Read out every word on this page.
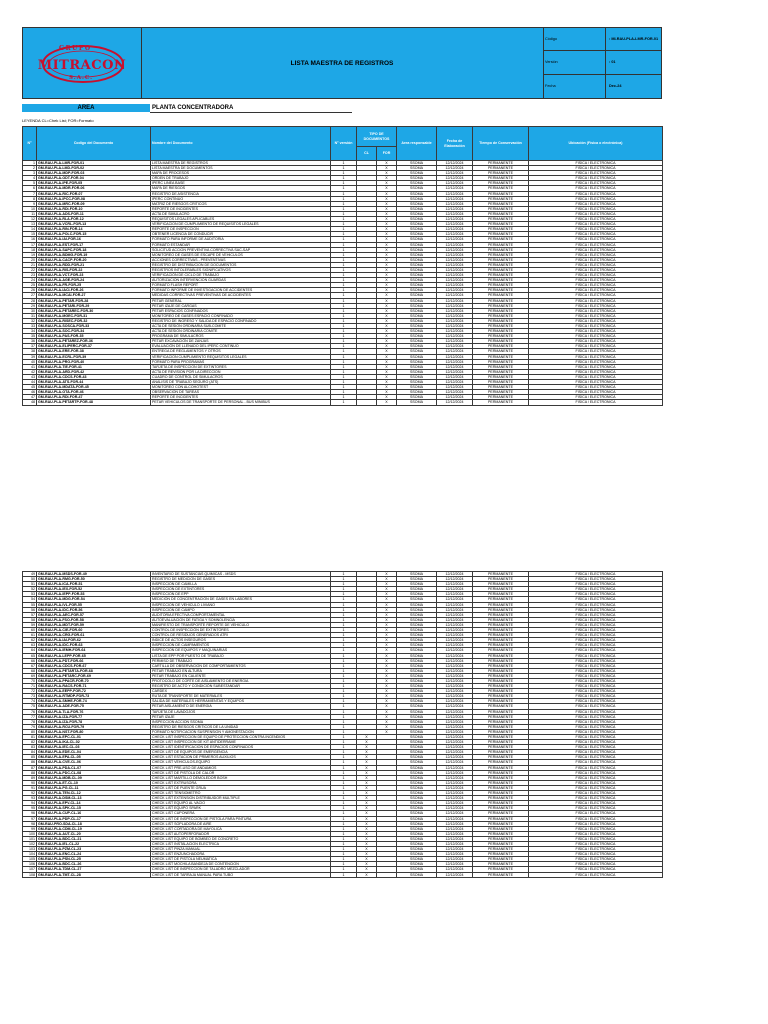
GRUPO
MITRACON
S.A.C.
LISTA MAESTRA DE REGISTROS
Código	: MI-RAU-PLA-LMR-FOR-01
Versión	: 01
Fecha	Dec-24
AREA	PLANTA CONCENTRADORA
LEYENDA CL=Chek List; FOR=Formato
N°	Codigo del Documento	Nombre del Documento	N° versión	TIPO DE DOCUMENTOS		Area responsable	Fecha de Elaboración	Tiempo de Conservación	Ubicación (Física o electrónica)
				CL	FOR				
1	GM-RAU-PLA-LMR-FOR-01	LISTA MAESTRA DE REGISTROS	1		X	SSOMA	12/12/2024	PERMANENTE	FISICA / ELECTRONICA
2	GM-RAU-PLA-LMD-FOR-02	LISTA MAESTRA DE DOCUMENTOS	1		X	SSOMA	12/12/2024	PERMANENTE	FISICA / ELECTRONICA
3	GM-RAU-PLA-MDP-FOR-03	MAPA DE PROCESOS	1		X	SSOMA	12/12/2024	PERMANENTE	FISICA / ELECTRONICA
4	GM-RAU-PLA-ODT-FOR-04	ORDEN DE TRABAJO	1		X	SSOMA	12/12/2024	PERMANENTE	FISICA / ELECTRONICA
5	GM-RAU-PLA-IPE-FOR-05	IPERC LINEA BASE	1		X	SSOMA	12/12/2024	PERMANENTE	FISICA / ELECTRONICA
6	GM-RAU-PLA-MDR-FOR-06	MAPA DE RIESGOS	1		X	SSOMA	12/12/2024	PERMANENTE	FISICA / ELECTRONICA
7	GM-RAU-PLA-RIC-FOR-07	REGISTRO DE ASISTENCIA	1		X	SSOMA	12/12/2024	PERMANENTE	FISICA / ELECTRONICA
8	GM-RAU-PLA-IPCC-FOR-08	IPERC CONTINUO	1		X	SSOMA	12/12/2024	PERMANENTE	FISICA / ELECTRONICA
9	GM-RAU-PLA-MRC-FOR-09	MATRIZ DE RIESGOS CRITICOS	1		X	SSOMA	12/12/2024	PERMANENTE	FISICA / ELECTRONICA
10	GM-RAU-PLA-RDI-FOR-10	REPORTE DE INCIDENTES	1		X	SSOMA	12/12/2024	PERMANENTE	FISICA / ELECTRONICA
11	GM-RAU-PLA-ADS-FOR-11	ACTA DE SIMULACRO	1		X	SSOMA	12/12/2024	PERMANENTE	FISICA / ELECTRONICA
12	GM-RAU-PLA-RLA-FOR-12	REQUISITOS LEGALES APLICABLES	1		X	SSOMA	12/12/2024	PERMANENTE	FISICA / ELECTRONICA
13	GM-RAU-PLA-VCRL-FOR-13	VERIFICACION DE CUMPLIMIENTO DE REQUISITOS LEGALES	1		X	SSOMA	12/12/2024	PERMANENTE	FISICA / ELECTRONICA
14	GM-RAU-PLA-RIN-FOR-14	REPORTE DE INSPECCION	1		X	SSOMA	12/12/2024	PERMANENTE	FISICA / ELECTRONICA
15	GM-RAU-PLA-POLC-FOR-15	OBTENER LICENCIA DE CONDUCIR	1		X	SSOMA	12/12/2024	PERMANENTE	FISICA / ELECTRONICA
16	GM-RAU-PLA-IAI-FOR-16	FORMATO PARA INFORME DE AUDITORIA	1		X	SSOMA	12/12/2024	PERMANENTE	FISICA / ELECTRONICA
17	GM-RAU-PLA-EST-FOR-17	FORMATO ESTANDAR	1		X	SSOMA	12/12/2024	PERMANENTE	FISICA / ELECTRONICA
18	GM-RAU-PLA-SAPC-FOR-18	SOLICITUD ACCION PREVENTIVA CORRECTIVA SAC-SAP	1		X	SSOMA	12/12/2024	PERMANENTE	FISICA / ELECTRONICA
19	GM-RAU-PLA-BDMG-FOR-19	MONITOREO DE GASES DE ESCAPE DE VEHICULOS	1		X	SSOMA	12/12/2024	PERMANENTE	FISICA / ELECTRONICA
20	GM-RAU-PLA-CACP-FOR-20	ACCIONES CORRECTIVAS - PREVENTIVAS	1		X	SSOMA	12/12/2024	PERMANENTE	FISICA / ELECTRONICA
21	GM-RAU-PLA-RDD-FOR-21	REGISTRO DE DISTRIBUCION DE DOCUMENTOS	1		X	SSOMA	12/12/2024	PERMANENTE	FISICA / ELECTRONICA
22	GM-RAU-PLA-RIS-FOR-22	REGISTROS INTOLERABLES SIGNIFICATIVOS	1		X	SSOMA	12/12/2024	PERMANENTE	FISICA / ELECTRONICA
23	GM-RAU-PLA-VCT-FOR-23	VERIFICACIÓN DE CICLO DE TRABAJO	1		X	SSOMA	12/12/2024	PERMANENTE	FISICA / ELECTRONICA
24	GM-RAU-PLA-AGE-FOR-24	AUTORIZACION INTERVENCION GUARDAS	1		X	SSOMA	12/12/2024	PERMANENTE	FISICA / ELECTRONICA
25	GM-RAU-PLA-FR-FOR-25	FORMATO FLASH REPORT	1		X	SSOMA	12/12/2024	PERMANENTE	FISICA / ELECTRONICA
26	GM-RAU-PLA-IACI-FOR-26	FORMATO INFORME DE INVESTIGACION DE ACCIDENTES	1		X	SSOMA	12/12/2024	PERMANENTE	FISICA / ELECTRONICA
27	GM-RAU-PLA-MCAI-FOR-27	MEDIDAS CORRECTIVAS PREVENTIVAS DE ACCIDENTES	1		X	SSOMA	12/12/2024	PERMANENTE	FISICA / ELECTRONICA
28	GM-RAU-PLA-PETAR-FOR-28	PETAR GENERAL	1		X	SSOMA	12/12/2024	PERMANENTE	FISICA / ELECTRONICA
29	GM-RAU-PLA-PETARI-FOR-29	PETAR IZAJE DE CARGAS	1		X	SSOMA	12/12/2024	PERMANENTE	FISICA / ELECTRONICA
30	GM-RAU-PLA-PETAREC-FOR-30	PETAR ESPACIOS CONFINADOS	1		X	SSOMA	12/12/2024	PERMANENTE	FISICA / ELECTRONICA
31	GM-RAU-PLA-MGEC-FOR-31	MONITOREO DE GASES ESPACIO CONFINADO	1		X	SSOMA	12/12/2024	PERMANENTE	FISICA / ELECTRONICA
32	GM-RAU-PLA-RISEC-FOR-32	REGISTRO DE INGRESO Y SALIDA DE ESPACIO CONFINADO	1		X	SSOMA	12/12/2024	PERMANENTE	FISICA / ELECTRONICA
33	GM-RAU-PLA-SOSCA-FOR-33	ACTA DE SESIÓN ORDINARIA SUB-COMITE	1		X	SSOMA	12/12/2024	PERMANENTE	FISICA / ELECTRONICA
34	GM-RAU-PLA-SOC-FOR-34	ACTA DE SESIÓN ORDINARIA COMITE	1		X	SSOMA	12/12/2024	PERMANENTE	FISICA / ELECTRONICA
35	GM-RAU-PLA-PAS-FOR-35	PROGRAMA DE SIMULACROS	1		X	SSOMA	12/12/2024	PERMANENTE	FISICA / ELECTRONICA
36	GM-RAU-PLA-PETAREZ-FOR-36	PETAR EXCAVACIÓN DE ZANJAS	1		X	SSOMA	12/12/2024	PERMANENTE	FISICA / ELECTRONICA
37	GM-RAU-PLA-ELIPERC-FOR-37	EVALUACIÓN DE LLENADO DEL IPERC CONTINUO	1		X	SSOMA	12/12/2024	PERMANENTE	FISICA / ELECTRONICA
38	GM-RAU-PLA-ERE-FOR-38	ENTREGA DE REGLAMENTOS Y OTROS	1		X	SSOMA	12/12/2024	PERMANENTE	FISICA / ELECTRONICA
39	GM-RAU-PLA-ECRL-FOR-39	VERIFICACION CUMPLIMIENTO REQUISITOS LEGALES	1		X	SSOMA	12/12/2024	PERMANENTE	FISICA / ELECTRONICA
40	GM-RAU-PLA-PRO-FOR-40	FORMATO PARA PROGRAMAS	1		X	SSOMA	12/12/2024	PERMANENTE	FISICA / ELECTRONICA
41	GM-RAU-PLA-TIE-FOR-41	TARJETA DE INSPECCION DE EXTINTORES	1		X	SSOMA	12/12/2024	PERMANENTE	FISICA / ELECTRONICA
42	GM-RAU-PLA-ARD-FOR-42	ACTA DE REVISION POR LA DIRECCION	1		X	SSOMA	12/12/2024	PERMANENTE	FISICA / ELECTRONICA
43	GM-RAU-PLA-CDCS-FOR-43	CUADRO DE CONTROL DE SIMULACROS	1		X	SSOMA	12/12/2024	PERMANENTE	FISICA / ELECTRONICA
44	GM-RAU-PLA-ATS-FOR-44	ANALISIS DE TRABAJO SEGURO (ATS)	1		X	SSOMA	12/12/2024	PERMANENTE	FISICA / ELECTRONICA
45	GM-RAU-PLA-MDATA-FOR-45	MONITOREO CON ALCOHOTEST	1		X	SSOMA	12/12/2024	PERMANENTE	FISICA / ELECTRONICA
46	GM-RAU-PLA-OTA-FOR-46	OBSERVACION DE TAREAS	1		X	SSOMA	12/12/2024	PERMANENTE	FISICA / ELECTRONICA
47	GM-RAU-PLA-RDI-FOR-47	REPORTE DE INCIDENTES	1		X	SSOMA	12/12/2024	PERMANENTE	FISICA / ELECTRONICA
48	GM-RAU-PLA-PETARTP-FOR-48	PETAR VEHICULOS DE TRANSPORTE DE PERSONAL - BUS MINIBUS	1		X	SSOMA	12/12/2024	PERMANENTE	FISICA / ELECTRONICA
49	GM-RAU-PLA-MSDS-FOR-49	INVENTARIO DE SUSTANCIAS QUIMICAS - MSDS	1		X	SSOMA	12/12/2024	PERMANENTE	FISICA / ELECTRONICA
50	GM-RAU-PLA-RMG-FOR-50	REGISTRO DE MEDICION DE GASES	1		X	SSOMA	12/12/2024	PERMANENTE	FISICA / ELECTRONICA
51	GM-RAU-PLA-ICA-FOR-51	INSPECCION DE CAMILLA	1		X	SSOMA	12/12/2024	PERMANENTE	FISICA / ELECTRONICA
52	GM-RAU-PLA-IEX-FOR-52	INSPECCION DE EXTINTORES	1		X	SSOMA	12/12/2024	PERMANENTE	FISICA / ELECTRONICA
53	GM-RAU-PLA-IEPP-FOR-53	INSPECCION DE EPP	1		X	SSOMA	12/12/2024	PERMANENTE	FISICA / ELECTRONICA
54	GM-RAU-PLA-MDG-FOR-54	MEDICIÓN DE CONCENTRACIÓN DE GASES EN LABORES	1		X	SSOMA	12/12/2024	PERMANENTE	FISICA / ELECTRONICA
55	GM-RAU-PLA-IVL-FOR-55	INSPECCION DE VEHICULO LIVIANO	1		X	SSOMA	12/12/2024	PERMANENTE	FISICA / ELECTRONICA
56	GM-RAU-PLA-IDC-FOR-56	INSPECCION DE CAMPO	1		X	SSOMA	12/12/2024	PERMANENTE	FISICA / ELECTRONICA
57	GM-RAU-PLA-AEC-FOR-57	AUDITORIA EFECTIVA COMPORTAMENTAL	1		X	SSOMA	12/12/2024	PERMANENTE	FISICA / ELECTRONICA
58	GM-RAU-PLA-FSO-FOR-58	AUTOEVALUACION DE FATIGA Y SOMNOLENCIA	1		X	SSOMA	12/12/2024	PERMANENTE	FISICA / ELECTRONICA
59	GM-RAU-PLA-MDT-FOR-59	MANIFIESTO DE TRANSPORTE REPORTE DE VEHICULO	1		X	SSOMA	12/12/2024	PERMANENTE	FISICA / ELECTRONICA
60	GM-RAU-PLA-CIE-FOR-60	CONTROL DE INSPECCIÓN DE EXTINTORES	1		X	SSOMA	12/12/2024	PERMANENTE	FISICA / ELECTRONICA
61	GM-RAU-PLA-CRG-FOR-61	CONTROL DE RESIDUOS GENERADOS ATRI	1		X	SSOMA	12/12/2024	PERMANENTE	FISICA / ELECTRONICA
62	GM-RAU-PLA-IAI-FOR-62	INDICE DE ACTOS INSEGUROS	1		X	SSOMA	12/12/2024	PERMANENTE	FISICA / ELECTRONICA
63	GM-RAU-PLA-IDC-FOR-63	INSPECCION DE CAMPAMENTOS	1		X	SSOMA	12/12/2024	PERMANENTE	FISICA / ELECTRONICA
64	GM-RAU-PLA-IEMH-FOR-64	INSPECCION DE EQUIPOS Y MAQUINARIAS	1		X	SSOMA	12/12/2024	PERMANENTE	FISICA / ELECTRONICA
65	GM-RAU-PLA-LEPP-FOR-65	LISTA DE EPP POR PUESTO DE TRABAJO	1		X	SSOMA	12/12/2024	PERMANENTE	FISICA / ELECTRONICA
66	GM-RAU-PLA-PDT-FOR-66	PERMISO DE TRABAJO	1		X	SSOMA	12/12/2024	PERMANENTE	FISICA / ELECTRONICA
67	GM-RAU-PLA-CDCS-FOR-67	CARTILLA DE OBSERVACION DE COMPORTAMIENTOS	1		X	SSOMA	12/12/2024	PERMANENTE	FISICA / ELECTRONICA
68	GM-RAU-PLA-PETARTA-FOR-68	PETAR TRABAJO EN ALTURA	1		X	SSOMA	12/12/2024	PERMANENTE	FISICA / ELECTRONICA
69	GM-RAU-PLA-PETARC-FOR-69	PETAR TRABAJO EN CALIENTE	1		X	SSOMA	12/12/2024	PERMANENTE	FISICA / ELECTRONICA
70	GM-RAU-PLA-PPACR-FOR-70	PROTOCOLO DE CORTE DE AISLAMIENTO DE ENERGIA	1		X	SSOMA	12/12/2024	PERMANENTE	FISICA / ELECTRONICA
71	GM-RAU-PLA-RACS-FOR-71	REGISTRO DE ACTO Y CONDICIÓN SUBESTANDAR	1		X	SSOMA	12/12/2024	PERMANENTE	FISICA / ELECTRONICA
72	GM-RAU-PLA-EEPP-FOR-72	CARDEX	1		X	SSOMA	12/12/2024	PERMANENTE	FISICA / ELECTRONICA
73	GM-RAU-PLA-RTMDP-FOR-73	RUTA DE TRANSPORTE DE MATERIALES	1		X	SSOMA	12/12/2024	PERMANENTE	FISICA / ELECTRONICA
74	GM-RAU-PLA-SMHE-FOR-74	SALIDA DE MATERIALES HERRAMIENTAS Y EQUIPOS	1		X	SSOMA	12/12/2024	PERMANENTE	FISICA / ELECTRONICA
75	GM-RAU-PLA-ADE-FOR-75	PETAR AISLAMIENTO DE ENERGIA	1		X	SSOMA	12/12/2024	PERMANENTE	FISICA / ELECTRONICA
76	GM-RAU-PLA-TLA-FOR-76	TARJETA DE LAVADOJOS	1		X	SSOMA	12/12/2024	PERMANENTE	FISICA / ELECTRONICA
77	GM-RAU-PLA-IZA-FOR-77	PETAR IZAJE	1		X	SSOMA	12/12/2024	PERMANENTE	FISICA / ELECTRONICA
78	GM-RAU-PLA-IZA-FOR-78	INSPECCION ACCION SSOMA	1		X	SSOMA	12/12/2024	PERMANENTE	FISICA / ELECTRONICA
79	GM-RAU-PLA-RCU-FOR-79	REGISTRO DE RIESGOS CRITICOS DE LA UNIDAD	1		X	SSOMA	12/12/2024	PERMANENTE	FISICA / ELECTRONICA
80	GM-RAU-PLA-NST-FOR-80	FORMATO NOTIFICACION SUSPENSION Y AMONESTACION	1		X	SSOMA	12/12/2024	PERMANENTE	FISICA / ELECTRONICA
81	GM-RAU-PLA-EPC-CL-01	CHECK LIST INSPECCION DE EQUIPO DE PROTECCION CONTRA INCENDIOS	1	X		SSOMA	12/12/2024	PERMANENTE	FISICA / ELECTRONICA
82	GM-RAU-PLA-IKA-CL-02	CHECK LIST INSPECCION DE KIT ANTIDERRAME	1	X		SSOMA	12/12/2024	PERMANENTE	FISICA / ELECTRONICA
83	GM-RAU-PLA-IEC-CL-03	CHECK LIST IDENTIFICACION DE ESPACIOS CONFINADOS	1	X		SSOMA	12/12/2024	PERMANENTE	FISICA / ELECTRONICA
84	GM-RAU-PLA-EDE-CL-04	CHECK LIST DE EQUIPOS DE EMERGENCIA	1	X		SSOMA	12/12/2024	PERMANENTE	FISICA / ELECTRONICA
85	GM-RAU-PLA-EPA-CL-05	CHECK LIST ESTACION DE PRIMEROS AUXILIOS	1	X		SSOMA	12/12/2024	PERMANENTE	FISICA / ELECTRONICA
86	GM-RAU-PLA-CVE-CL-06	CHECK LIST VEHICULOS-EQUIPO	1	X		SSOMA	12/12/2024	PERMANENTE	FISICA / ELECTRONICA
87	GM-RAU-PLA-PDA-CL-07	CHECK LIST PRE-USO DE ANDAMIOS	1	X		SSOMA	12/12/2024	PERMANENTE	FISICA / ELECTRONICA
88	GM-RAU-PLA-PDC-CL-08	CHECK LIST DE PISTOLA DE CALOR	1	X		SSOMA	12/12/2024	PERMANENTE	FISICA / ELECTRONICA
89	GM-RAU-PLA-MDB-CL-09	CHECK LIST MARTILLO DEMOLEDOR BOSH	1	X		SSOMA	12/12/2024	PERMANENTE	FISICA / ELECTRONICA
90	GM-RAU-PLA-ET-CL-10	CHECK LIST EXTRUSORA	1	X		SSOMA	12/12/2024	PERMANENTE	FISICA / ELECTRONICA
91	GM-RAU-PLA-PG-CL-11	CHECK LIST DE PUENTE GRUA	1	X		SSOMA	12/12/2024	PERMANENTE	FISICA / ELECTRONICA
92	GM-RAU-PLA-TEN-CL-12	CHECK LIST TENSIOMETRO	1	X		SSOMA	12/12/2024	PERMANENTE	FISICA / ELECTRONICA
93	GM-RAU-PLA-DSM-CL-13	CHECK LIST EXTENSION DISTRIBUIDOR MULTIPLE	1	X		SSOMA	12/12/2024	PERMANENTE	FISICA / ELECTRONICA
94	GM-RAU-PLA-EPV-CL-14	CHECK LIST EQUIPO AL VACIO	1	X		SSOMA	12/12/2024	PERMANENTE	FISICA / ELECTRONICA
95	GM-RAU-PLA-SPK-CL-15	CHECK LIST EQUIPO SPARK	1	X		SSOMA	12/12/2024	PERMANENTE	FISICA / ELECTRONICA
96	GM-RAU-PLA-CUP-CL-16	CHECK LIST CUPONERA	1	X		SSOMA	12/12/2024	PERMANENTE	FISICA / ELECTRONICA
97	GM-RAU-PLA-PDP-CL-17	CHECK LIST DE INSPECCION DE PISTOLA PARA PINTURA	1	X		SSOMA	12/12/2024	PERMANENTE	FISICA / ELECTRONICA
98	GM-RAU-PRO-SDA-CL-18	CHECK LIST SOPLADORA DE AIRE	1	X		SSOMA	12/12/2024	PERMANENTE	FISICA / ELECTRONICA
99	GM-RAU-PLA-CDM-CL-19	CHECK LIST CORTADORA DE MAYOLICA	1	X		SSOMA	12/12/2024	PERMANENTE	FISICA / ELECTRONICA
100	GM-RAU-PLA-AUT-CL-20	CHECK LIST AUTOPERFORADOR	1	X		SSOMA	12/12/2024	PERMANENTE	FISICA / ELECTRONICA
101	GM-RAU-PLA-BDC-CL-21	CHECK LIST EQUIPO DE BOMBEO DE CONCRETO	1	X		SSOMA	12/12/2024	PERMANENTE	FISICA / ELECTRONICA
102	GM-RAU-PLA-IEL-CL-22	CHECK LIST INSTALACION ELECTRICA	1	X		SSOMA	12/12/2024	PERMANENTE	FISICA / ELECTRONICA
103	GM-RAU-PLA-PZM-CL-23	CHECK LIST PINZA MANUAL	1	X		SSOMA	12/12/2024	PERMANENTE	FISICA / ELECTRONICA
104	GM-RAU-PLA-ENC-CL-24	CHECK LIST ENZUNCHADORA	1	X		SSOMA	12/12/2024	PERMANENTE	FISICA / ELECTRONICA
105	GM-RAU-PLA-PSN-CL-25	CHECK LIST DE PISTOLA NEUMATICA	1	X		SSOMA	12/12/2024	PERMANENTE	FISICA / ELECTRONICA
106	GM-RAU-PLA-BDC-CL-26	CHECK LIST MOCHILA BANDEJA DE CONTENCION	1	X		SSOMA	12/12/2024	PERMANENTE	FISICA / ELECTRONICA
107	GM-RAU-PLA-TDM-CL-27	CHECK LIST DE INSPECCION DE TALADRO MEZCLADOR	1	X		SSOMA	12/12/2024	PERMANENTE	FISICA / ELECTRONICA
108	GM-RAU-PLA-TMT-CL-28	CHECK LIST DE TARRAJA MANUAL PARA TUBO	1	X		SSOMA	12/12/2024	PERMANENTE	FISICA / ELECTRONICA
